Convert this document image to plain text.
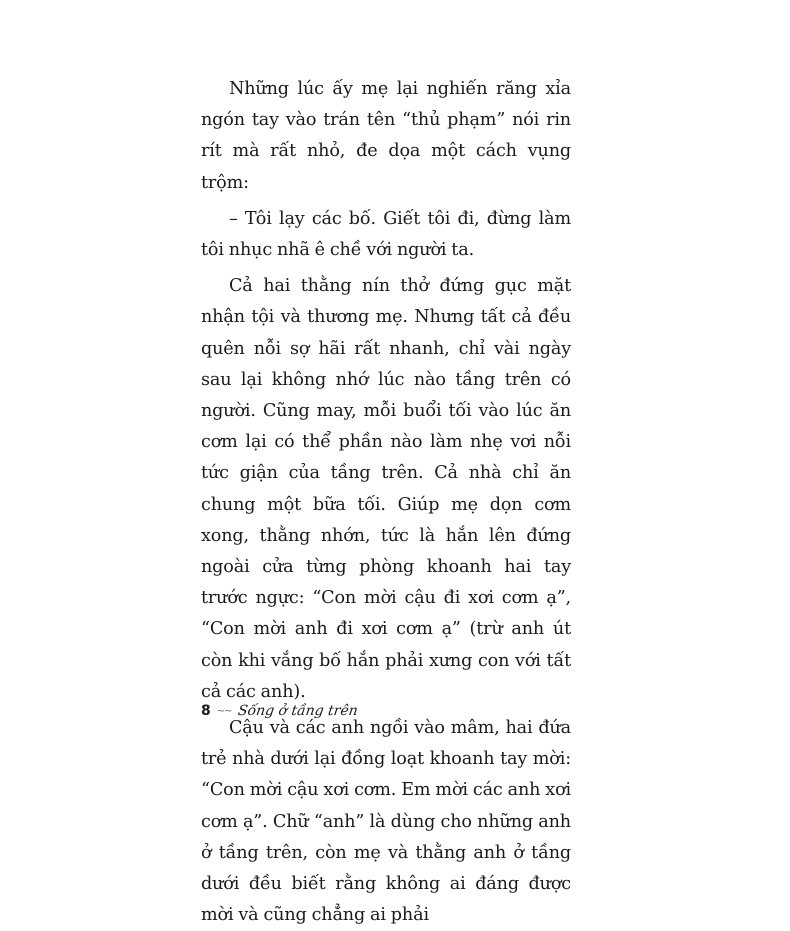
Những lúc ấy mẹ lại nghiến răng xỉa ngón tay vào trán tên “thủ phạm” nói rin rít mà rất nhỏ, đe dọa một cách vụng trộm:

– Tôi lạy các bố. Giết tôi đi, đừng làm tôi nhục nhã ê chề với người ta.

Cả hai thằng nín thở đứng gục mặt nhận tội và thương mẹ. Nhưng tất cả đều quên nỗi sợ hãi rất nhanh, chỉ vài ngày sau lại không nhớ lúc nào tầng trên có người. Cũng may, mỗi buổi tối vào lúc ăn cơm lại có thể phần nào làm nhẹ vơi nỗi tức giận của tầng trên. Cả nhà chỉ ăn chung một bữa tối. Giúp mẹ dọn cơm xong, thằng nhớn, tức là hắn lên đứng ngoài cửa từng phòng khoanh hai tay trước ngực: “Con mời cậu đi xơi cơm ạ”, “Con mời anh đi xơi cơm ạ” (trừ anh út còn khi vắng bố hắn phải xưng con với tất cả các anh).

Cậu và các anh ngồi vào mâm, hai đứa trẻ nhà dưới lại đồng loạt khoanh tay mời: “Con mời cậu xơi cơm. Em mời các anh xơi cơm ạ”. Chữ “anh” là dùng cho những anh ở tầng trên, còn mẹ và thằng anh ở tầng dưới đều biết rằng không ai đáng được mời và cũng chẳng ai phải

8 ~~ Sống ở tầng trên
